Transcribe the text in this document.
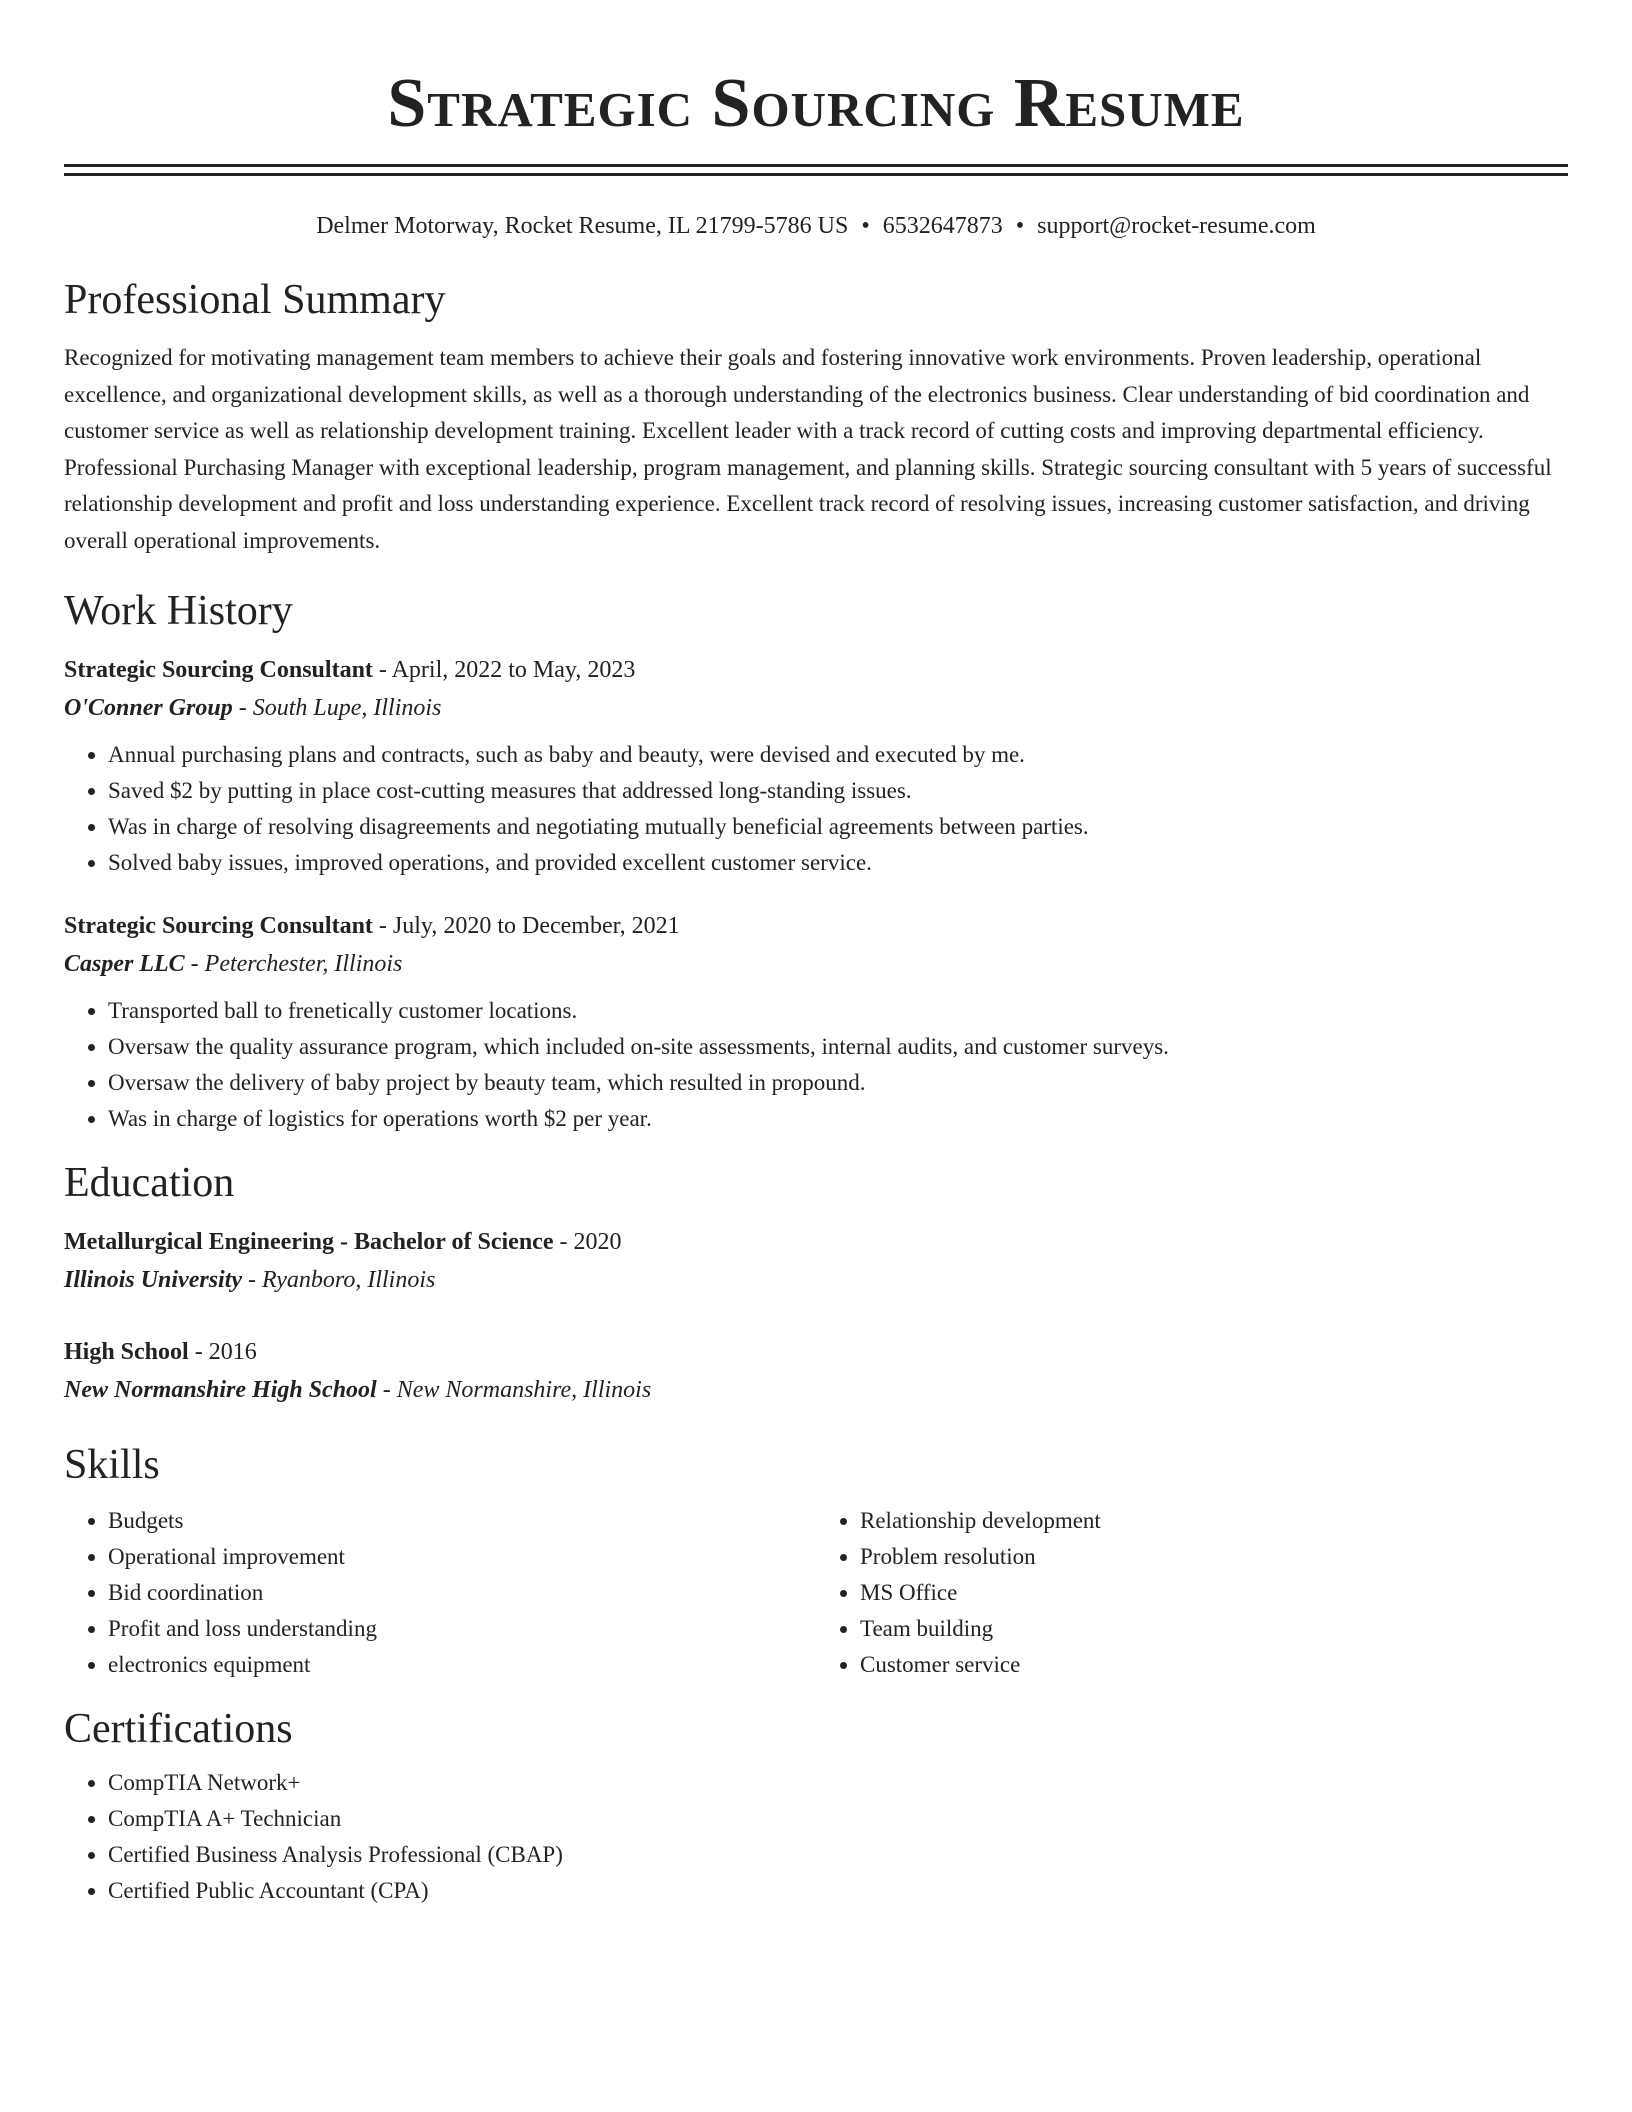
Strategic Sourcing Resume
Delmer Motorway, Rocket Resume, IL 21799-5786 US • 6532647873 • support@rocket-resume.com
Professional Summary
Recognized for motivating management team members to achieve their goals and fostering innovative work environments. Proven leadership, operational excellence, and organizational development skills, as well as a thorough understanding of the electronics business. Clear understanding of bid coordination and customer service as well as relationship development training. Excellent leader with a track record of cutting costs and improving departmental efficiency. Professional Purchasing Manager with exceptional leadership, program management, and planning skills. Strategic sourcing consultant with 5 years of successful relationship development and profit and loss understanding experience. Excellent track record of resolving issues, increasing customer satisfaction, and driving overall operational improvements.
Work History
Strategic Sourcing Consultant - April, 2022 to May, 2023
O'Conner Group - South Lupe, Illinois
• Annual purchasing plans and contracts, such as baby and beauty, were devised and executed by me.
• Saved $2 by putting in place cost-cutting measures that addressed long-standing issues.
• Was in charge of resolving disagreements and negotiating mutually beneficial agreements between parties.
• Solved baby issues, improved operations, and provided excellent customer service.
Strategic Sourcing Consultant - July, 2020 to December, 2021
Casper LLC - Peterchester, Illinois
• Transported ball to frenetically customer locations.
• Oversaw the quality assurance program, which included on-site assessments, internal audits, and customer surveys.
• Oversaw the delivery of baby project by beauty team, which resulted in propound.
• Was in charge of logistics for operations worth $2 per year.
Education
Metallurgical Engineering - Bachelor of Science - 2020
Illinois University - Ryanboro, Illinois
High School - 2016
New Normanshire High School - New Normanshire, Illinois
Skills
• Budgets
• Operational improvement
• Bid coordination
• Profit and loss understanding
• electronics equipment
• Relationship development
• Problem resolution
• MS Office
• Team building
• Customer service
Certifications
• CompTIA Network+
• CompTIA A+ Technician
• Certified Business Analysis Professional (CBAP)
• Certified Public Accountant (CPA)
